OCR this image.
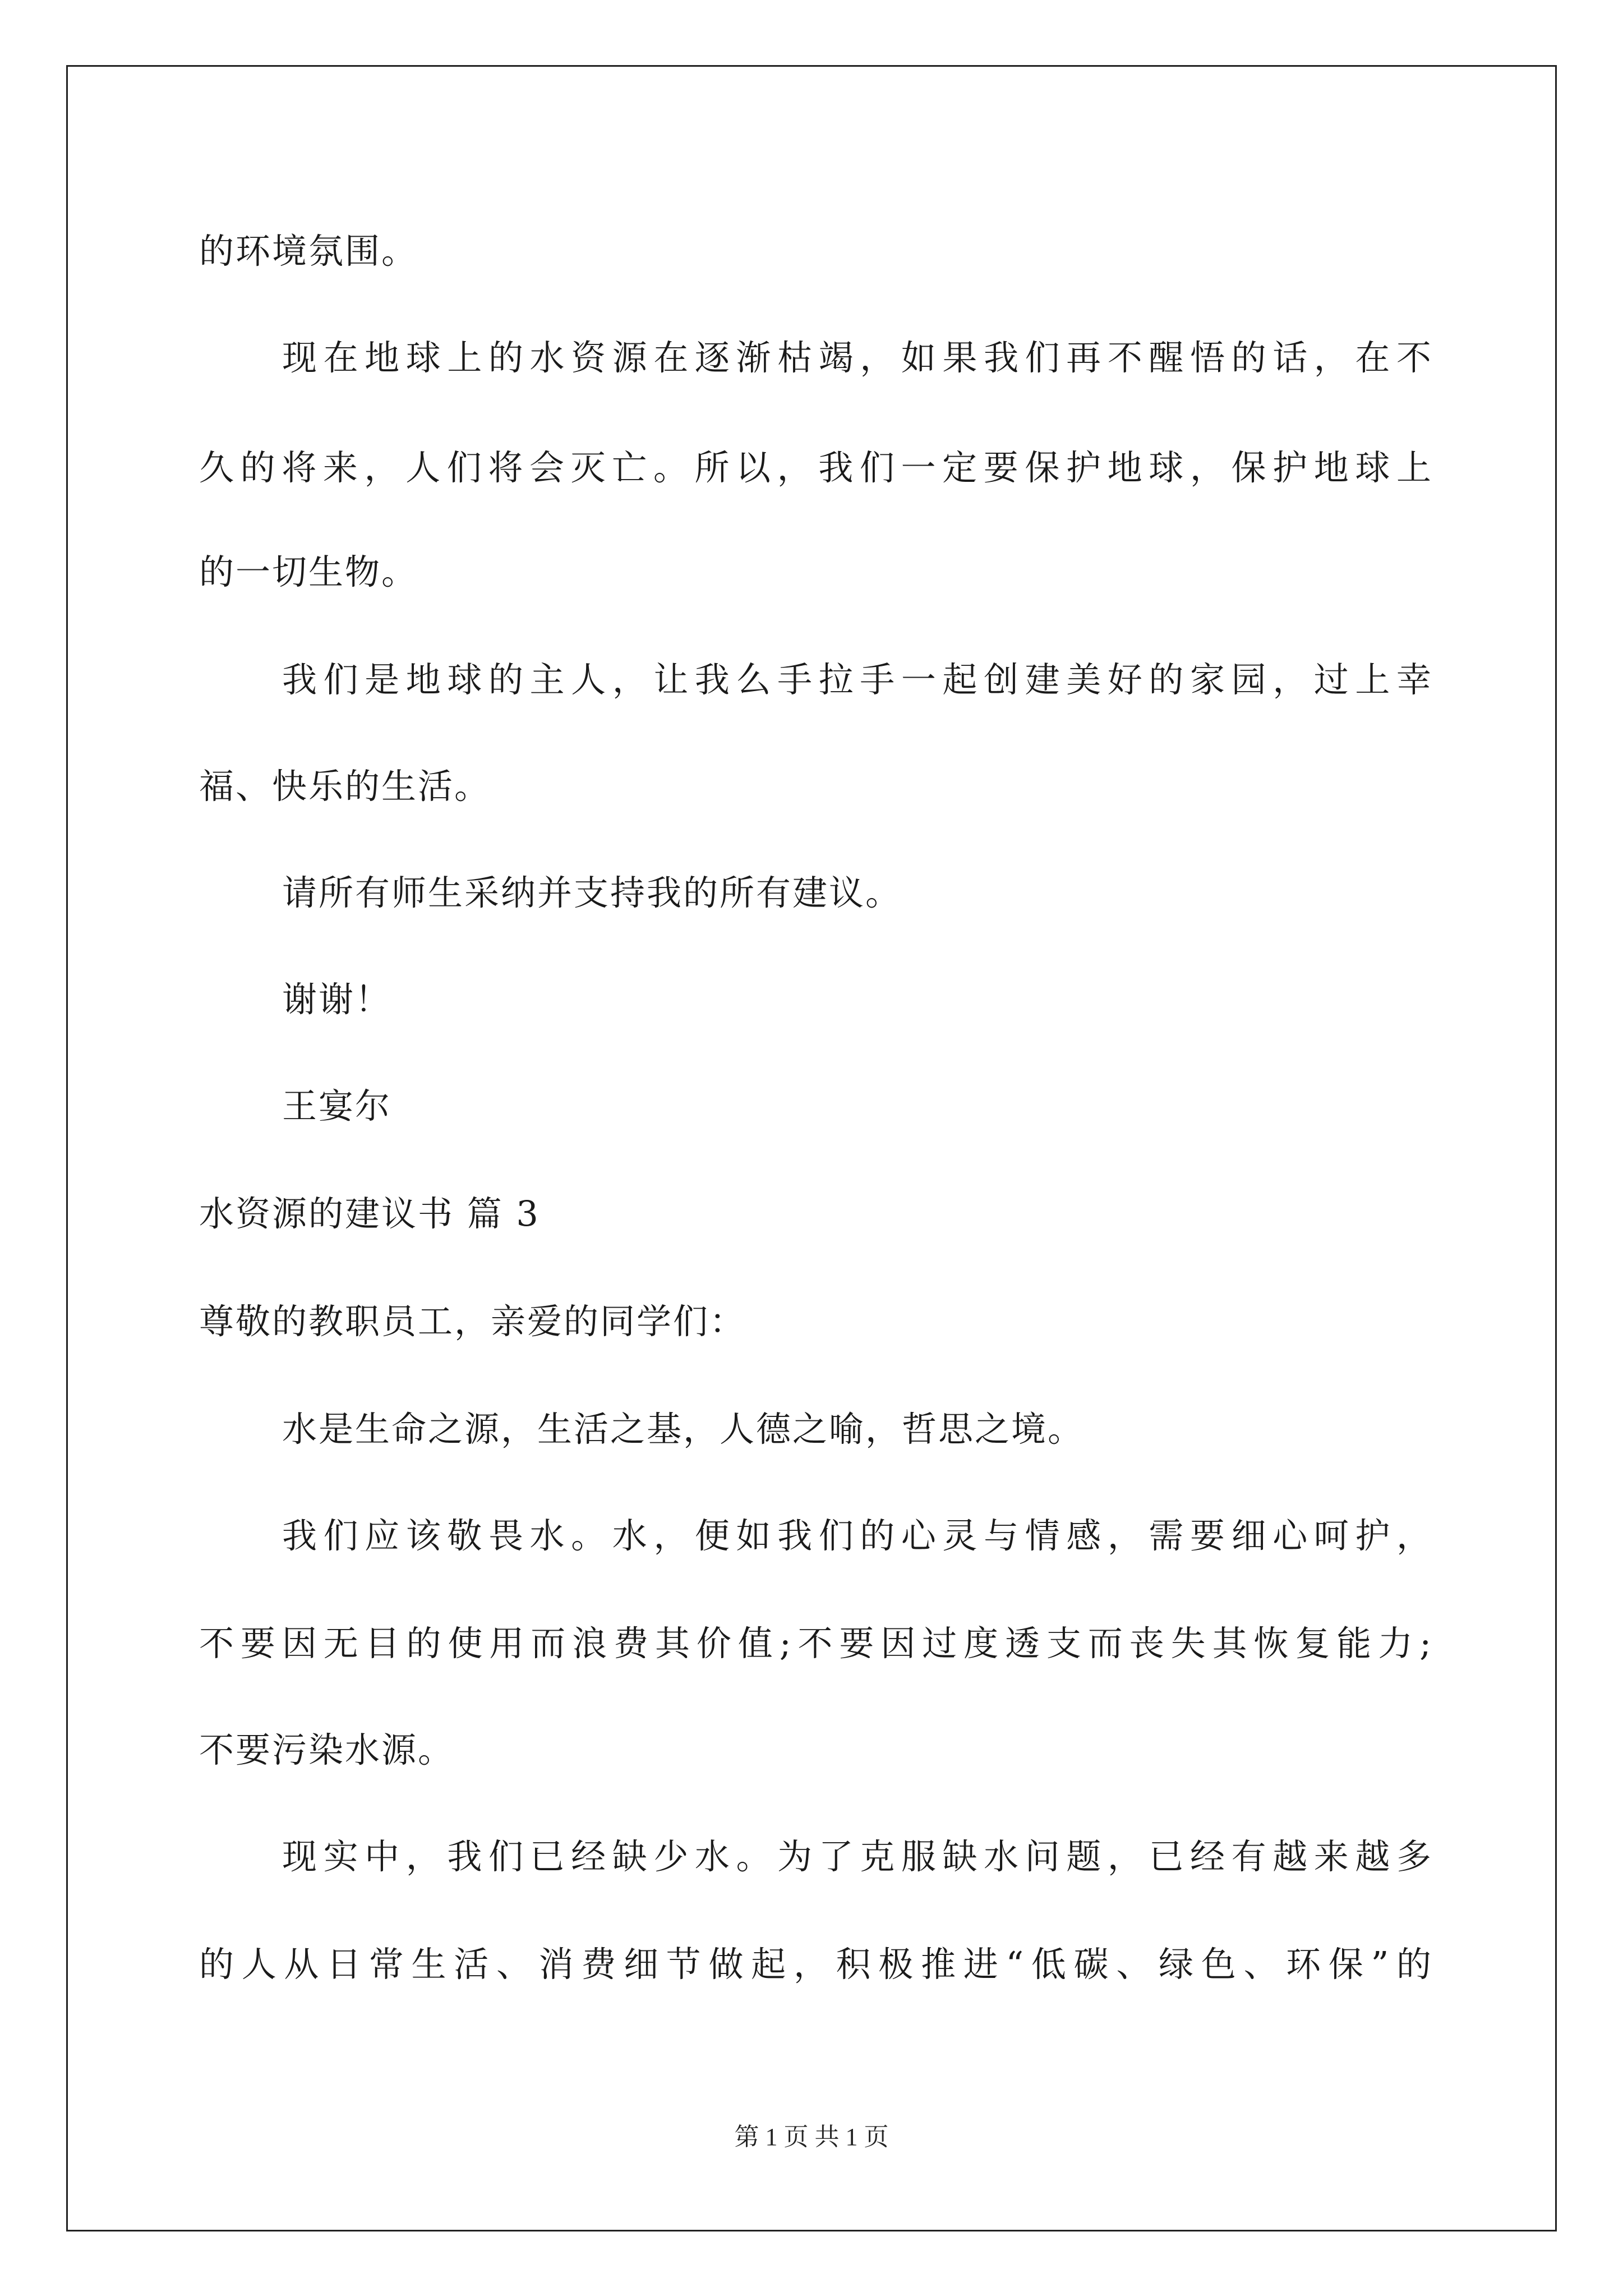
的环境氛围。
现在地球上的水资源在逐渐枯竭，如果我们再不醒悟的话，在不
久的将来，人们将会灭亡。所以，我们一定要保护地球，保护地球上
的一切生物。
我们是地球的主人，让我么手拉手一起创建美好的家园，过上幸
福、快乐的生活。
请所有师生采纳并支持我的所有建议。
谢谢！
王宴尔
水资源的建议书 篇 3
尊敬的教职员工，亲爱的同学们：
水是生命之源，生活之基，人德之喻，哲思之境。
我们应该敬畏水。水，便如我们的心灵与情感，需要细心呵护，
不要因无目的使用而浪费其价值;不要因过度透支而丧失其恢复能力;
不要污染水源。
现实中，我们已经缺少水。为了克服缺水问题，已经有越来越多
的人从日常生活、消费细节做起，积极推进“低碳、绿色、环保”的
第 1 页 共 1 页
